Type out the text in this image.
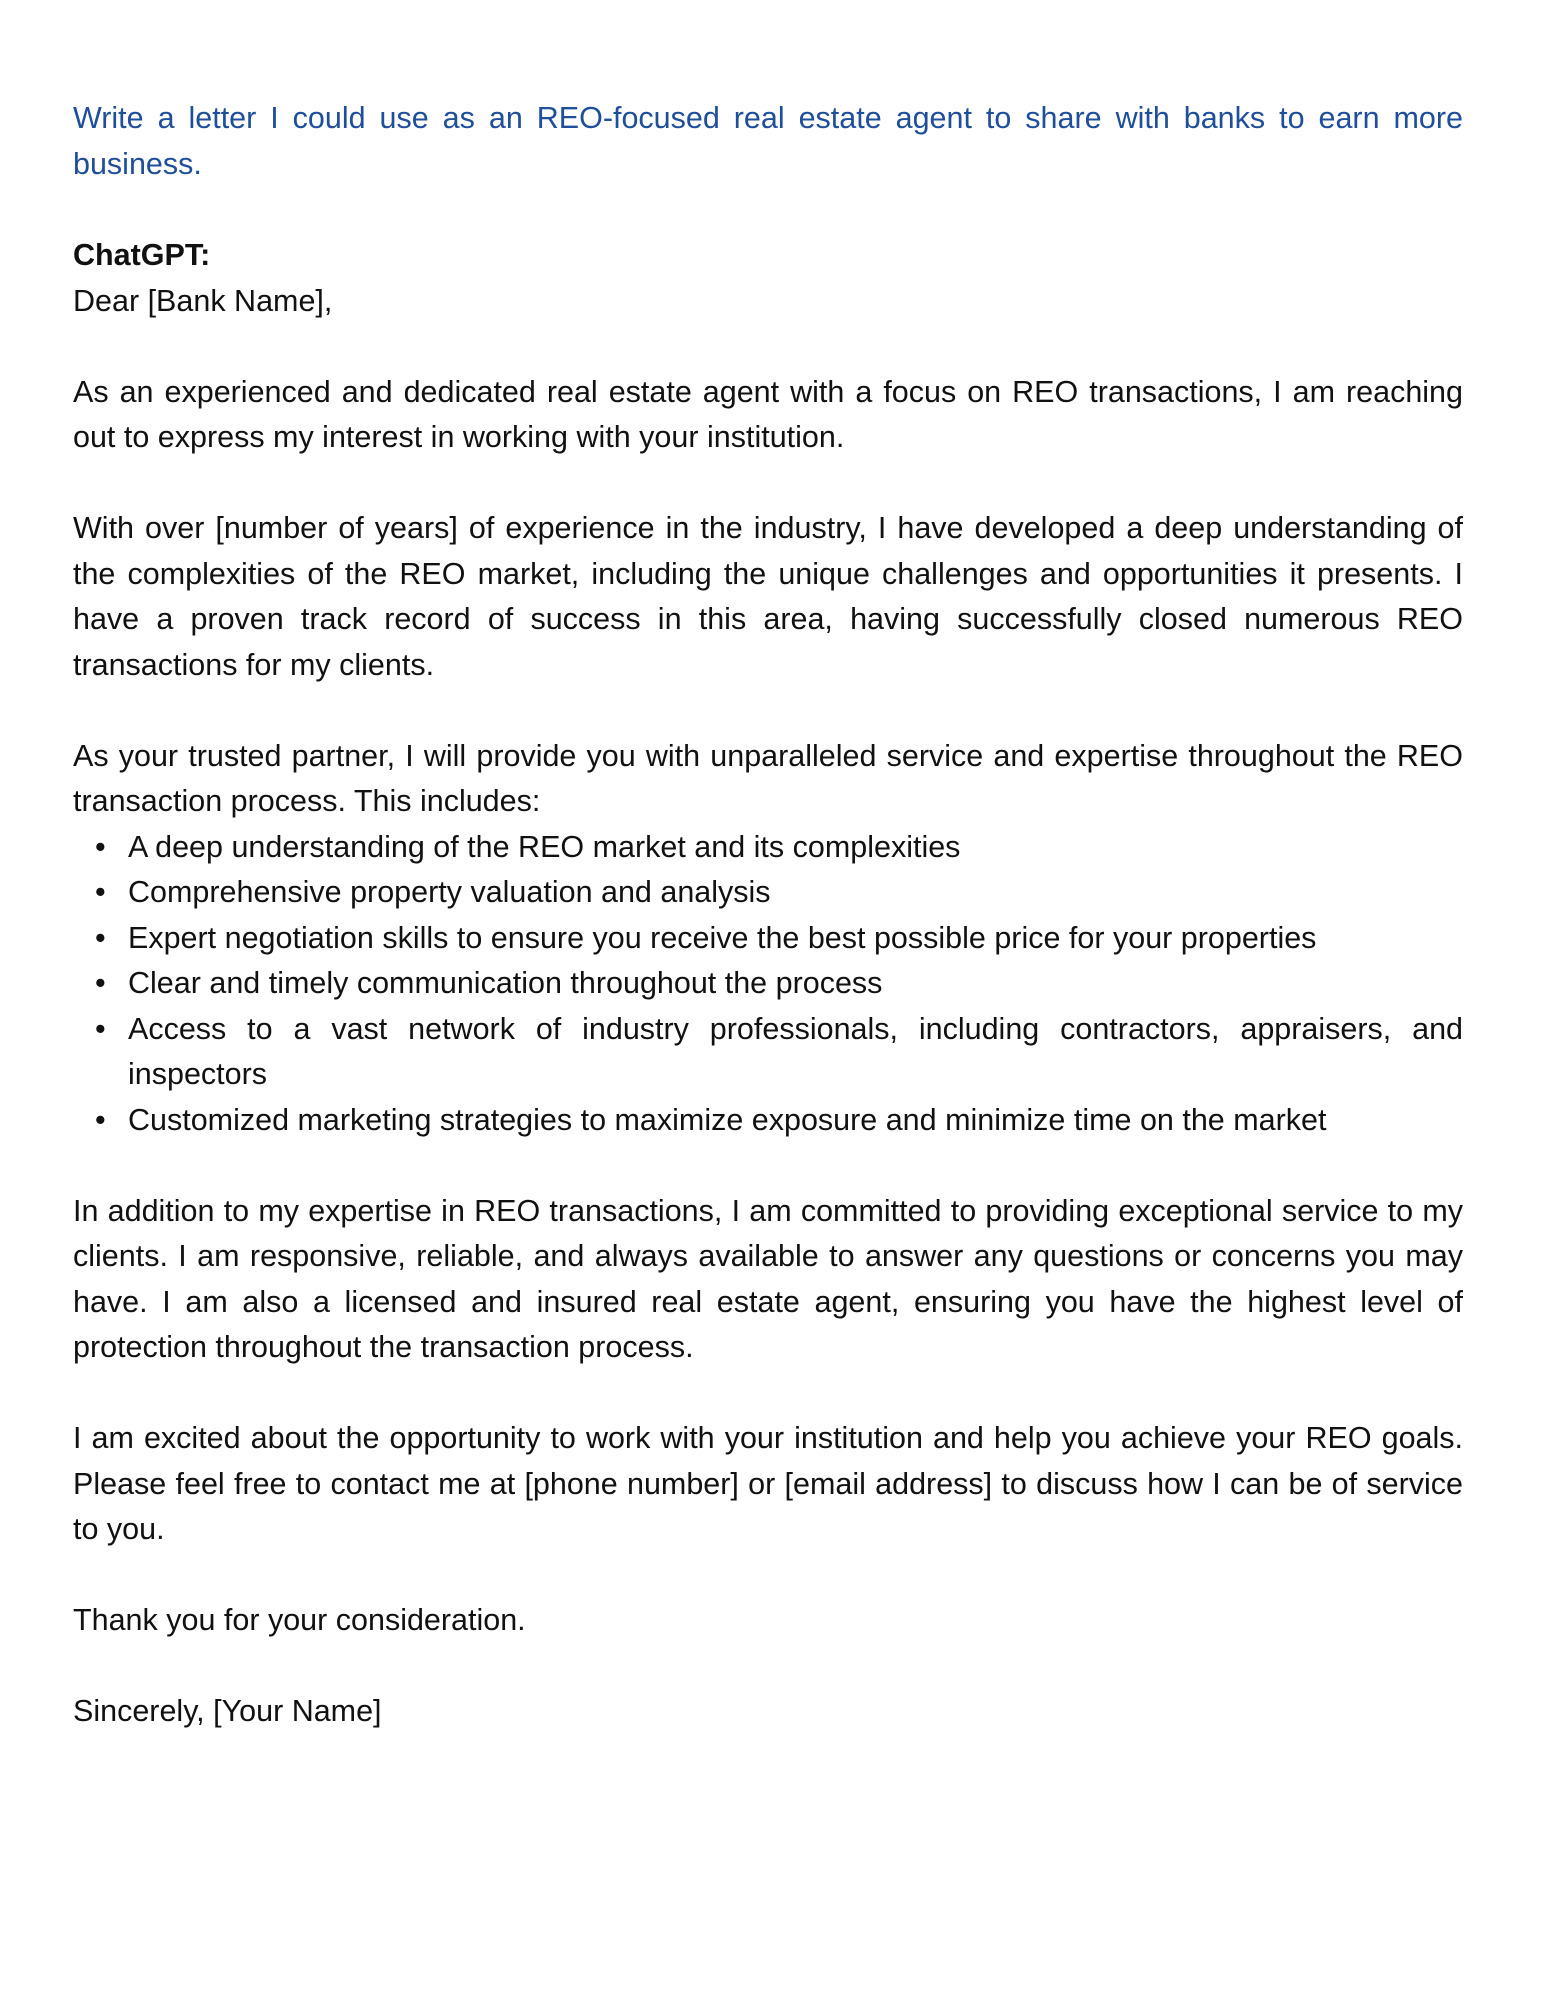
Write a letter I could use as an REO-focused real estate agent to share with banks to earn more business.

ChatGPT:

Dear [Bank Name],

As an experienced and dedicated real estate agent with a focus on REO transactions, I am reaching out to express my interest in working with your institution.

With over [number of years] of experience in the industry, I have developed a deep understanding of the complexities of the REO market, including the unique challenges and opportunities it presents. I have a proven track record of success in this area, having successfully closed numerous REO transactions for my clients.

As your trusted partner, I will provide you with unparalleled service and expertise throughout the REO transaction process. This includes:

• A deep understanding of the REO market and its complexities
• Comprehensive property valuation and analysis
• Expert negotiation skills to ensure you receive the best possible price for your properties
• Clear and timely communication throughout the process
• Access to a vast network of industry professionals, including contractors, appraisers, and inspectors
• Customized marketing strategies to maximize exposure and minimize time on the market

In addition to my expertise in REO transactions, I am committed to providing exceptional service to my clients. I am responsive, reliable, and always available to answer any questions or concerns you may have. I am also a licensed and insured real estate agent, ensuring you have the highest level of protection throughout the transaction process.

I am excited about the opportunity to work with your institution and help you achieve your REO goals. Please feel free to contact me at [phone number] or [email address] to discuss how I can be of service to you.

Thank you for your consideration.

Sincerely, [Your Name]
